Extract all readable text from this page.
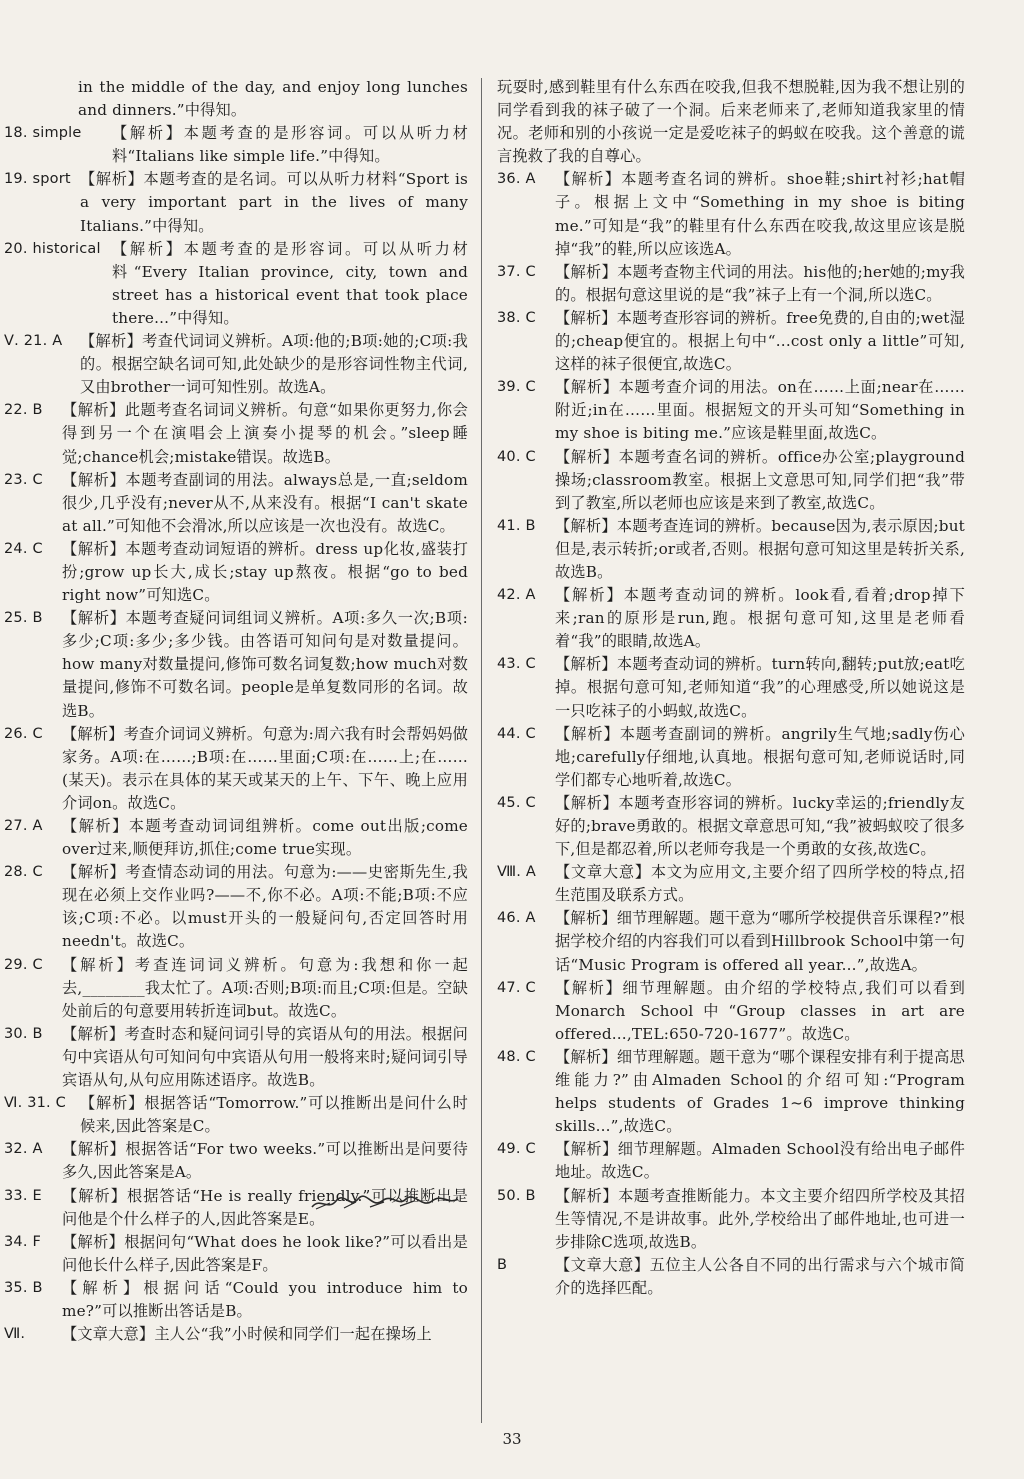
in the middle of the day, and enjoy long lunches and dinners.”中得知。
18. simple	【解析】本题考查的是形容词。可以从听力材料“Italians like simple life.”中得知。
19. sport 【解析】本题考查的是名词。可以从听力材料“Sport is a very important part in the lives of many Italians.”中得知。
20. historical 【解析】本题考查的是形容词。可以从听力材料“Every Italian province, city, town and street has a historical event that took place there...”中得知。
Ⅴ. 21. A	【解析】考查代词词义辨析。A项:他的;B项:她的;C项:我的。根据空缺名词可知,此处缺少的是形容词性物主代词,又由brother一词可知性别。故选A。
22. B	【解析】此题考查名词词义辨析。句意“如果你更努力,你会得到另一个在演唱会上演奏小提琴的机会。”sleep睡觉;chance机会;mistake错误。故选B。
23. C	【解析】本题考查副词的用法。always总是,一直;seldom很少,几乎没有;never从不,从来没有。根据“I can't skate at all.”可知他不会滑冰,所以应该是一次也没有。故选C。
24. C	【解析】本题考查动词短语的辨析。dress up化妆,盛装打扮;grow up长大,成长;stay up熬夜。根据“go to bed right now”可知选C。
25. B	【解析】本题考查疑问词组词义辨析。A项:多久一次;B项:多少;C项:多少;多少钱。由答语可知问句是对数量提问。how many对数量提问,修饰可数名词复数;how much对数量提问,修饰不可数名词。people是单复数同形的名词。故选B。
26. C	【解析】考查介词词义辨析。句意为:周六我有时会帮妈妈做家务。A项:在……;B项:在……里面;C项:在……上;在……(某天)。表示在具体的某天或某天的上午、下午、晚上应用介词on。故选C。
27. A	【解析】本题考查动词词组辨析。come out出版;come over过来,顺便拜访,抓住;come true实现。
28. C	【解析】考查情态动词的用法。句意为:——史密斯先生,我现在必须上交作业吗?——不,你不必。A项:不能;B项:不应该;C项:不必。以must开头的一般疑问句,否定回答时用needn't。故选C。
29. C	【解析】考查连词词义辨析。句意为:我想和你一起去,________我太忙了。A项:否则;B项:而且;C项:但是。空缺处前后的句意要用转折连词but。故选C。
30. B	【解析】考查时态和疑问词引导的宾语从句的用法。根据问句中宾语从句可知问句中宾语从句用一般将来时;疑问词引导宾语从句,从句应用陈述语序。故选B。
Ⅵ. 31. C 【解析】根据答话“Tomorrow.”可以推断出是问什么时候来,因此答案是C。
32. A	【解析】根据答话“For two weeks.”可以推断出是问要待多久,因此答案是A。
33. E	【解析】根据答话“He is really friendly.”可以推断出是问他是个什么样子的人,因此答案是E。
34. F	【解析】根据问句“What does he look like?”可以看出是问他长什么样子,因此答案是F。
35. B	【解析】根据问话“Could you introduce him to me?”可以推断出答话是B。
Ⅶ.	【文章大意】主人公“我”小时候和同学们一起在操场上
玩耍时,感到鞋里有什么东西在咬我,但我不想脱鞋,因为我不想让别的同学看到我的袜子破了一个洞。后来老师来了,老师知道我家里的情况。老师和别的小孩说一定是爱吃袜子的蚂蚁在咬我。这个善意的谎言挽救了我的自尊心。
36. A	【解析】本题考查名词的辨析。shoe鞋;shirt衬衫;hat帽子。根据上文中“Something in my shoe is biting me.”可知是“我”的鞋里有什么东西在咬我,故这里应该是脱掉“我”的鞋,所以应该选A。
37. C	【解析】本题考查物主代词的用法。his他的;her她的;my我的。根据句意这里说的是“我”袜子上有一个洞,所以选C。
38. C	【解析】本题考查形容词的辨析。free免费的,自由的;wet湿的;cheap便宜的。根据上句中“...cost only a little”可知,这样的袜子很便宜,故选C。
39. C	【解析】本题考查介词的用法。on在……上面;near在……附近;in在……里面。根据短文的开头可知“Something in my shoe is biting me.”应该是鞋里面,故选C。
40. C	【解析】本题考查名词的辨析。office办公室;playground操场;classroom教室。根据上文意思可知,同学们把“我”带到了教室,所以老师也应该是来到了教室,故选C。
41. B	【解析】本题考查连词的辨析。because因为,表示原因;but但是,表示转折;or或者,否则。根据句意可知这里是转折关系,故选B。
42. A	【解析】本题考查动词的辨析。look看,看着;drop掉下来;ran的原形是run,跑。根据句意可知,这里是老师看着“我”的眼睛,故选A。
43. C	【解析】本题考查动词的辨析。turn转向,翻转;put放;eat吃掉。根据句意可知,老师知道“我”的心理感受,所以她说这是一只吃袜子的小蚂蚁,故选C。
44. C	【解析】本题考查副词的辨析。angrily生气地;sadly伤心地;carefully仔细地,认真地。根据句意可知,老师说话时,同学们都专心地听着,故选C。
45. C	【解析】本题考查形容词的辨析。lucky幸运的;friendly友好的;brave勇敢的。根据文章意思可知,“我”被蚂蚁咬了很多下,但是都忍着,所以老师夸我是一个勇敢的女孩,故选C。
Ⅷ. A	【文章大意】本文为应用文,主要介绍了四所学校的特点,招生范围及联系方式。
46. A	【解析】细节理解题。题干意为“哪所学校提供音乐课程?”根据学校介绍的内容我们可以看到Hillbrook School中第一句话“Music Program is offered all year...”,故选A。
47. C	【解析】细节理解题。由介绍的学校特点,我们可以看到Monarch School中“Group classes in art are offered...,TEL:650-720-1677”。故选C。
48. C	【解析】细节理解题。题干意为“哪个课程安排有利于提高思维能力?”由Almaden School的介绍可知:“Program helps students of Grades 1~6 improve thinking skills...”,故选C。
49. C	【解析】细节理解题。Almaden School没有给出电子邮件地址。故选C。
50. B	【解析】本题考查推断能力。本文主要介绍四所学校及其招生等情况,不是讲故事。此外,学校给出了邮件地址,也可进一步排除C选项,故选B。
B	【文章大意】五位主人公各自不同的出行需求与六个城市简介的选择匹配。
33
